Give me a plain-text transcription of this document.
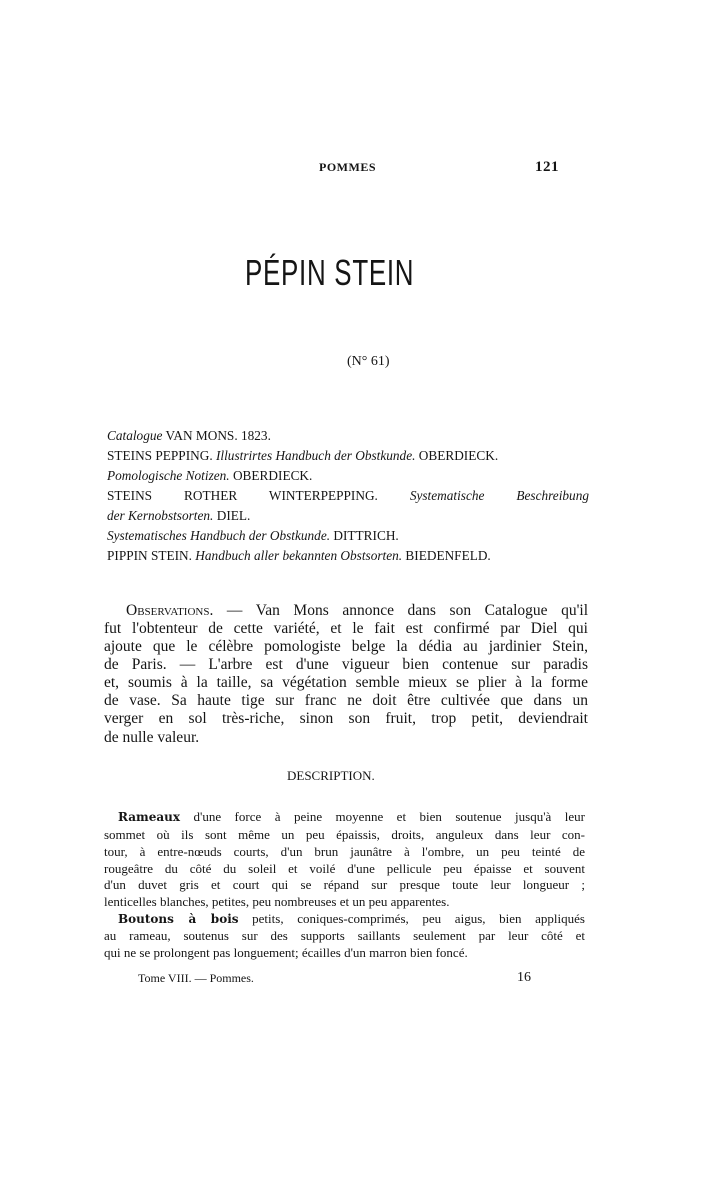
POMMES	121
PÉPIN STEIN
(N° 61)
Catalogue VAN MONS. 1823.
STEINS PEPPING. Illustrirtes Handbuch der Obstkunde. OBERDIECK.
Pomologische Notizen. OBERDIECK.
STEINS ROTHER WINTERPEPPING. Systematische Beschreibung
der Kernobstsorten. DIEL.
Systematisches Handbuch der Obstkunde. DITTRICH.
PIPPIN STEIN. Handbuch aller bekannten Obstsorten. BIEDENFELD.
Observations. — Van Mons annonce dans son Catalogue qu'il
fut l'obtenteur de cette variété, et le fait est confirmé par Diel qui
ajoute que le célèbre pomologiste belge la dédia au jardinier Stein,
de Paris. — L'arbre est d'une vigueur bien contenue sur paradis
et, soumis à la taille, sa végétation semble mieux se plier à la forme
de vase. Sa haute tige sur franc ne doit être cultivée que dans un
verger en sol très-riche, sinon son fruit, trop petit, deviendrait
de nulle valeur.
DESCRIPTION.
Rameaux d'une force à peine moyenne et bien soutenue jusqu'à leur
sommet où ils sont même un peu épaissis, droits, anguleux dans leur con-
tour, à entre-nœuds courts, d'un brun jaunâtre à l'ombre, un peu teinté de
rougeâtre du côté du soleil et voilé d'une pellicule peu épaisse et souvent
d'un duvet gris et court qui se répand sur presque toute leur longueur ;
lenticelles blanches, petites, peu nombreuses et un peu apparentes.
Boutons à bois petits, coniques-comprimés, peu aigus, bien appliqués
au rameau, soutenus sur des supports saillants seulement par leur côté et
qui ne se prolongent pas longuement; écailles d'un marron bien foncé.
Tome VIII. — Pommes.	16
